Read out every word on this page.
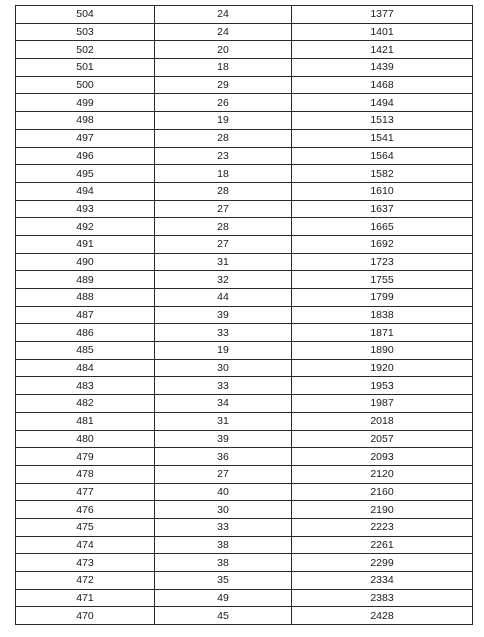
504	24	1377
503	24	1401
502	20	1421
501	18	1439
500	29	1468
499	26	1494
498	19	1513
497	28	1541
496	23	1564
495	18	1582
494	28	1610
493	27	1637
492	28	1665
491	27	1692
490	31	1723
489	32	1755
488	44	1799
487	39	1838
486	33	1871
485	19	1890
484	30	1920
483	33	1953
482	34	1987
481	31	2018
480	39	2057
479	36	2093
478	27	2120
477	40	2160
476	30	2190
475	33	2223
474	38	2261
473	38	2299
472	35	2334
471	49	2383
470	45	2428
